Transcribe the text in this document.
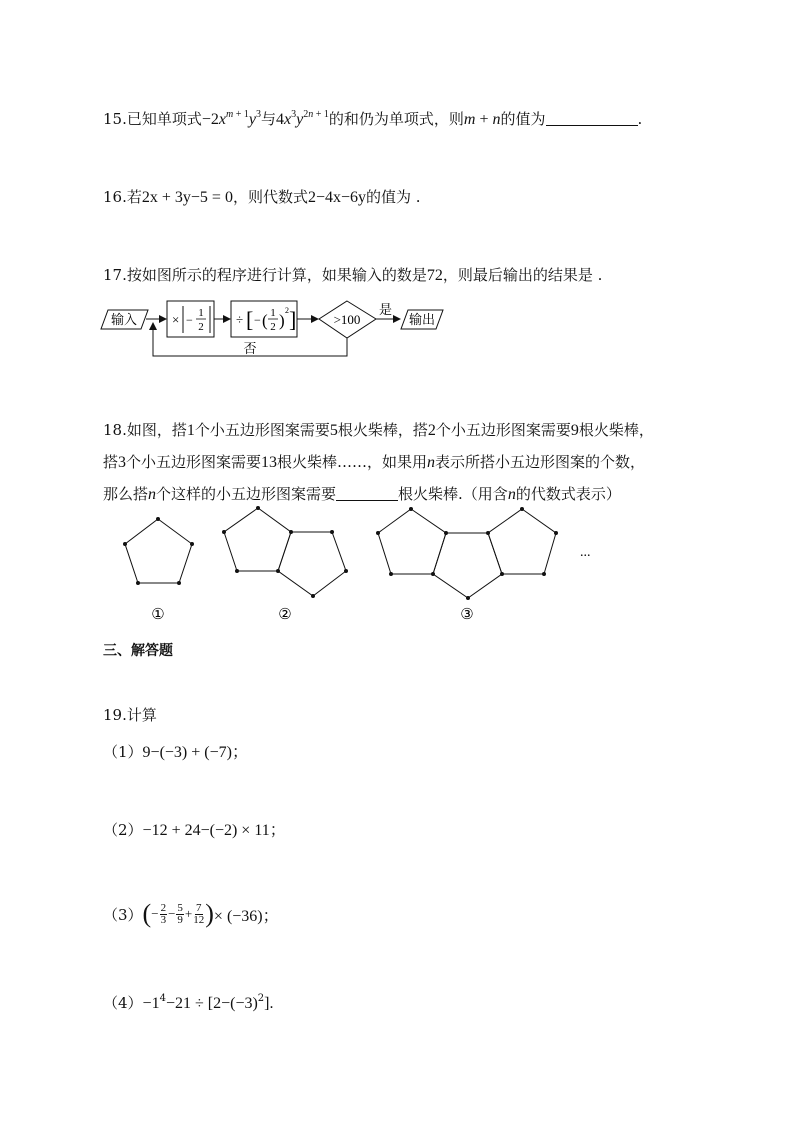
15.已知单项式$-2x^{m + 1}y^3$与$4x^3y^{2n + 1}$的和仍为单项式，则m + n的值为	.
16.若2x + 3y−5 = 0，则代数式2−4x−6y的值为 .
17.按如图所示的程序进行计算，如果输入的数是72，则最后输出的结果是 .
输入	× − 1
2 ÷ [ − ( 1
2 )
2 ]	>100
是
输出
否
18.如图，搭1个小五边形图案需要5根火柴棒，搭2个小五边形图案需要9根火柴棒，
搭3个小五边形图案需要13根火柴棒……，如果用n表示所搭小五边形图案的个数，
那么搭n个这样的小五边形图案需要	根火柴棒.（用含n的代数式表示）
①	②	③
...
三、解答题
19.计算
（1）9−(−3) + (−7)；
（2）−12 + 24−(−2) × 11；
（3） ( − $\frac{2}{3} - \frac{5}{9} + \frac{7}{12}$ ) × (−36)；
$(4)-1^4-21 \div [2-(-3)^2]$.
